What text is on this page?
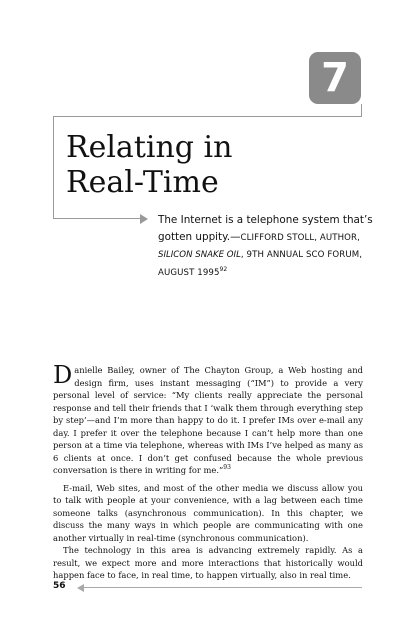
7
Relating in
Real-Time
The Internet is a telephone system that’s
gotten uppity.—CLIFFORD STOLL, AUTHOR,
SILICON SNAKE OIL, 9TH ANNUAL SCO FORUM,
AUGUST 1995$^{92}$

Danielle Bailey, owner of The Chayton Group, a Web hosting and design firm, uses instant messaging (“IM”) to provide a very personal level of service: “My clients really appreciate the personal response and tell their friends that I ‘walk them through everything step by step’—and I’m more than happy to do it. I prefer IMs over e-mail any day. I prefer it over the telephone because I can’t help more than one person at a time via telephone, whereas with IMs I’ve helped as many as 6 clients at once. I don’t get confused because the whole previous conversation is there in writing for me.”$^{93}$

E-mail, Web sites, and most of the other media we discuss allow you to talk with people at your convenience, with a lag between each time someone talks (asynchronous communication). In this chapter, we discuss the many ways in which people are communicating with one another virtually in real-time (synchronous communication).

The technology in this area is advancing extremely rapidly. As a result, we expect more and more interactions that historically would happen face to face, in real time, to happen virtually, also in real time.

56
